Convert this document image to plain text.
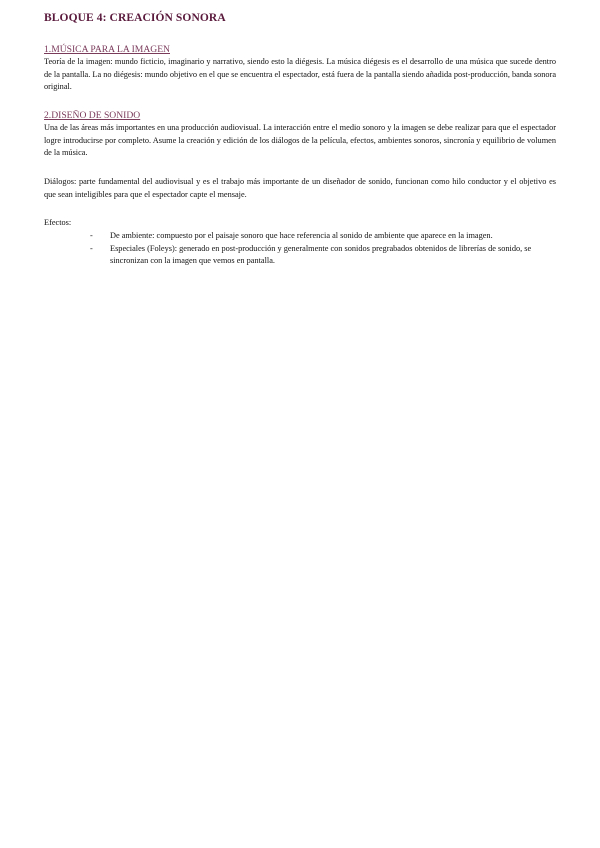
BLOQUE 4: CREACIÓN SONORA
1.MÚSICA PARA LA IMAGEN

Teoría de la imagen: mundo ficticio, imaginario y narrativo, siendo esto la diégesis. La música diégesis es el desarrollo de una música que sucede dentro de la pantalla. La no diégesis: mundo objetivo en el que se encuentra el espectador, está fuera de la pantalla siendo añadida post-producción, banda sonora original.

2.DISEÑO DE SONIDO

Una de las áreas más importantes en una producción audiovisual. La interacción entre el medio sonoro y la imagen se debe realizar para que el espectador logre introducirse por completo. Asume la creación y edición de los diálogos de la película, efectos, ambientes sonoros, sincronía y equilibrio de volumen de la música.

Diálogos: parte fundamental del audiovisual y es el trabajo más importante de un diseñador de sonido, funcionan como hilo conductor y el objetivo es que sean inteligibles para que el espectador capte el mensaje.

Efectos:

- De ambiente: compuesto por el paisaje sonoro que hace referencia al sonido de ambiente que aparece en la imagen.
- Especiales (Foleys): generado en post-producción y generalmente con sonidos pregrabados obtenidos de librerías de sonido, se sincronizan con la imagen que vemos en pantalla.
